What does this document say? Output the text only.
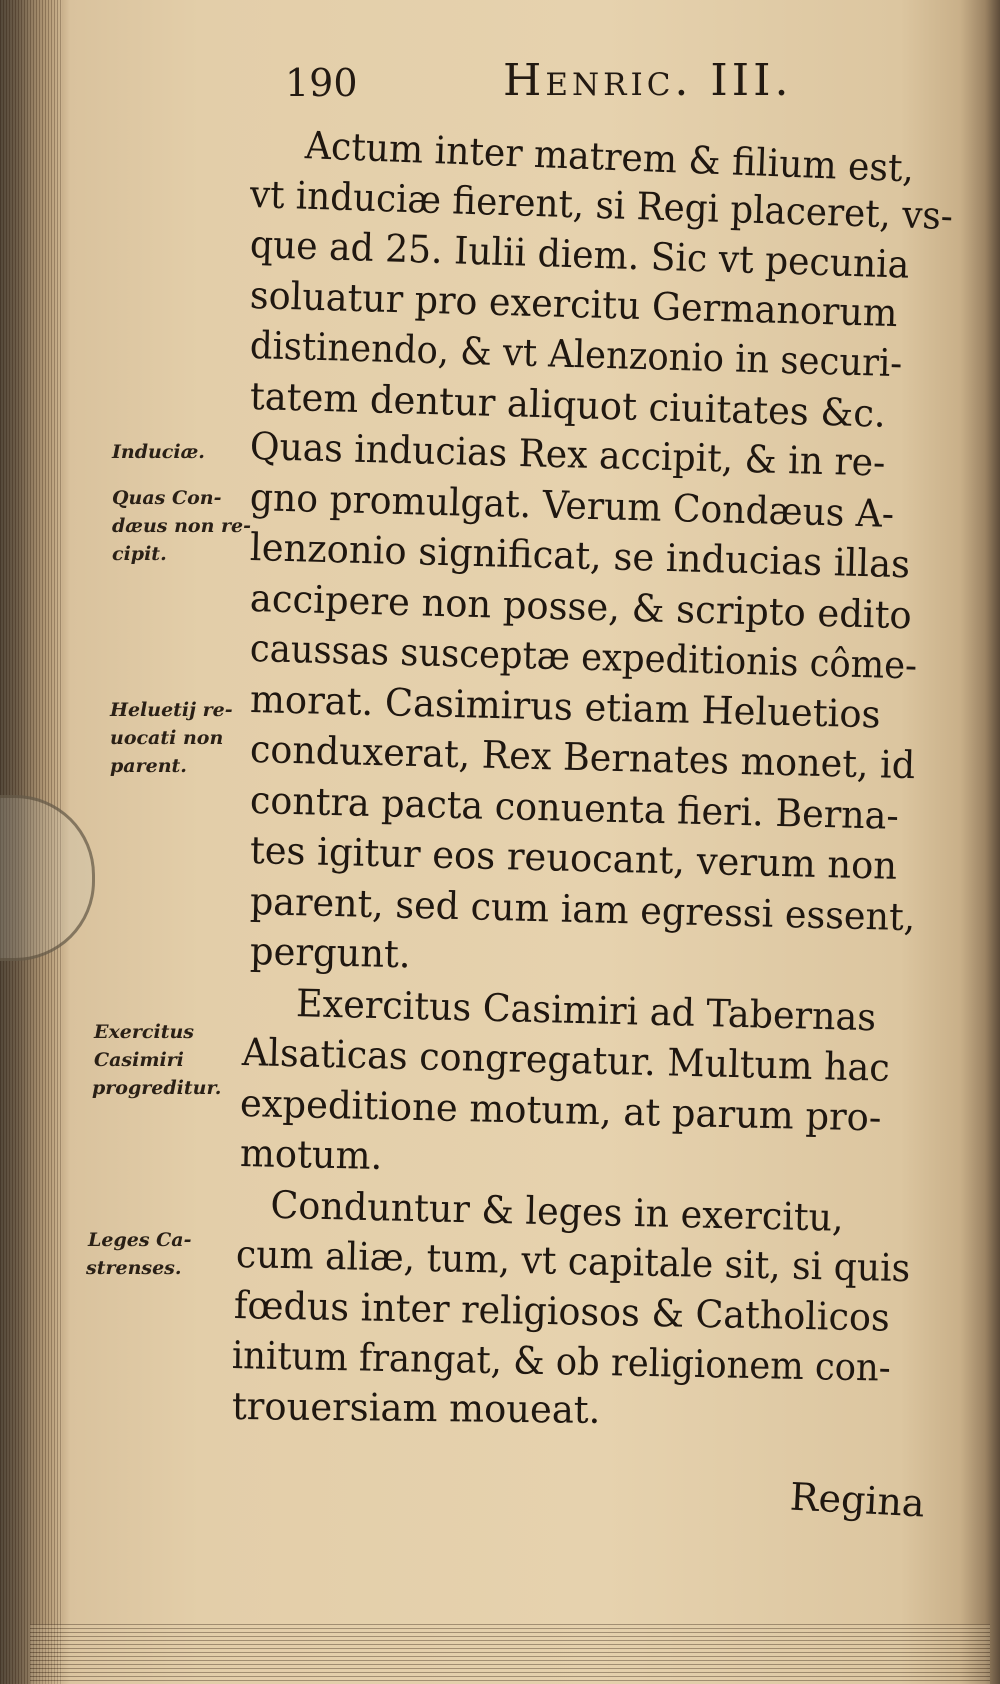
190	Henric. III.
Actum inter matrem & filium est,
vt induciæ fierent, si Regi placeret, vs-
que ad 25. Iulii diem. Sic vt pecunia
soluatur pro exercitu Germanorum
distinendo, & vt Alenzonio in securi-
tatem dentur aliquot ciuitates &c.
Quas inducias Rex accipit, & in re-
gno promulgat. Verum Condæus A-
lenzonio significat, se inducias illas
accipere non posse, & scripto edito
caussas susceptæ expeditionis côme-
morat. Casimirus etiam Heluetios
conduxerat, Rex Bernates monet, id
contra pacta conuenta fieri. Berna-
tes igitur eos reuocant, verum non
parent, sed cum iam egressi essent,
pergunt.
Exercitus Casimiri ad Tabernas
Alsaticas congregatur. Multum hac
expeditione motum, at parum pro-
motum.
Conduntur & leges in exercitu,
cum aliæ, tum, vt capitale sit, si quis
fœdus inter religiosos & Catholicos
initum frangat, & ob religionem con-
trouersiam moueat.
Induciæ.
Quas Con-
dæus non re-
cipit.
Heluetij re-
uocati non
parent.
Exercitus
Casimiri
progreditur.
Leges Ca-
strenses.
Regina
